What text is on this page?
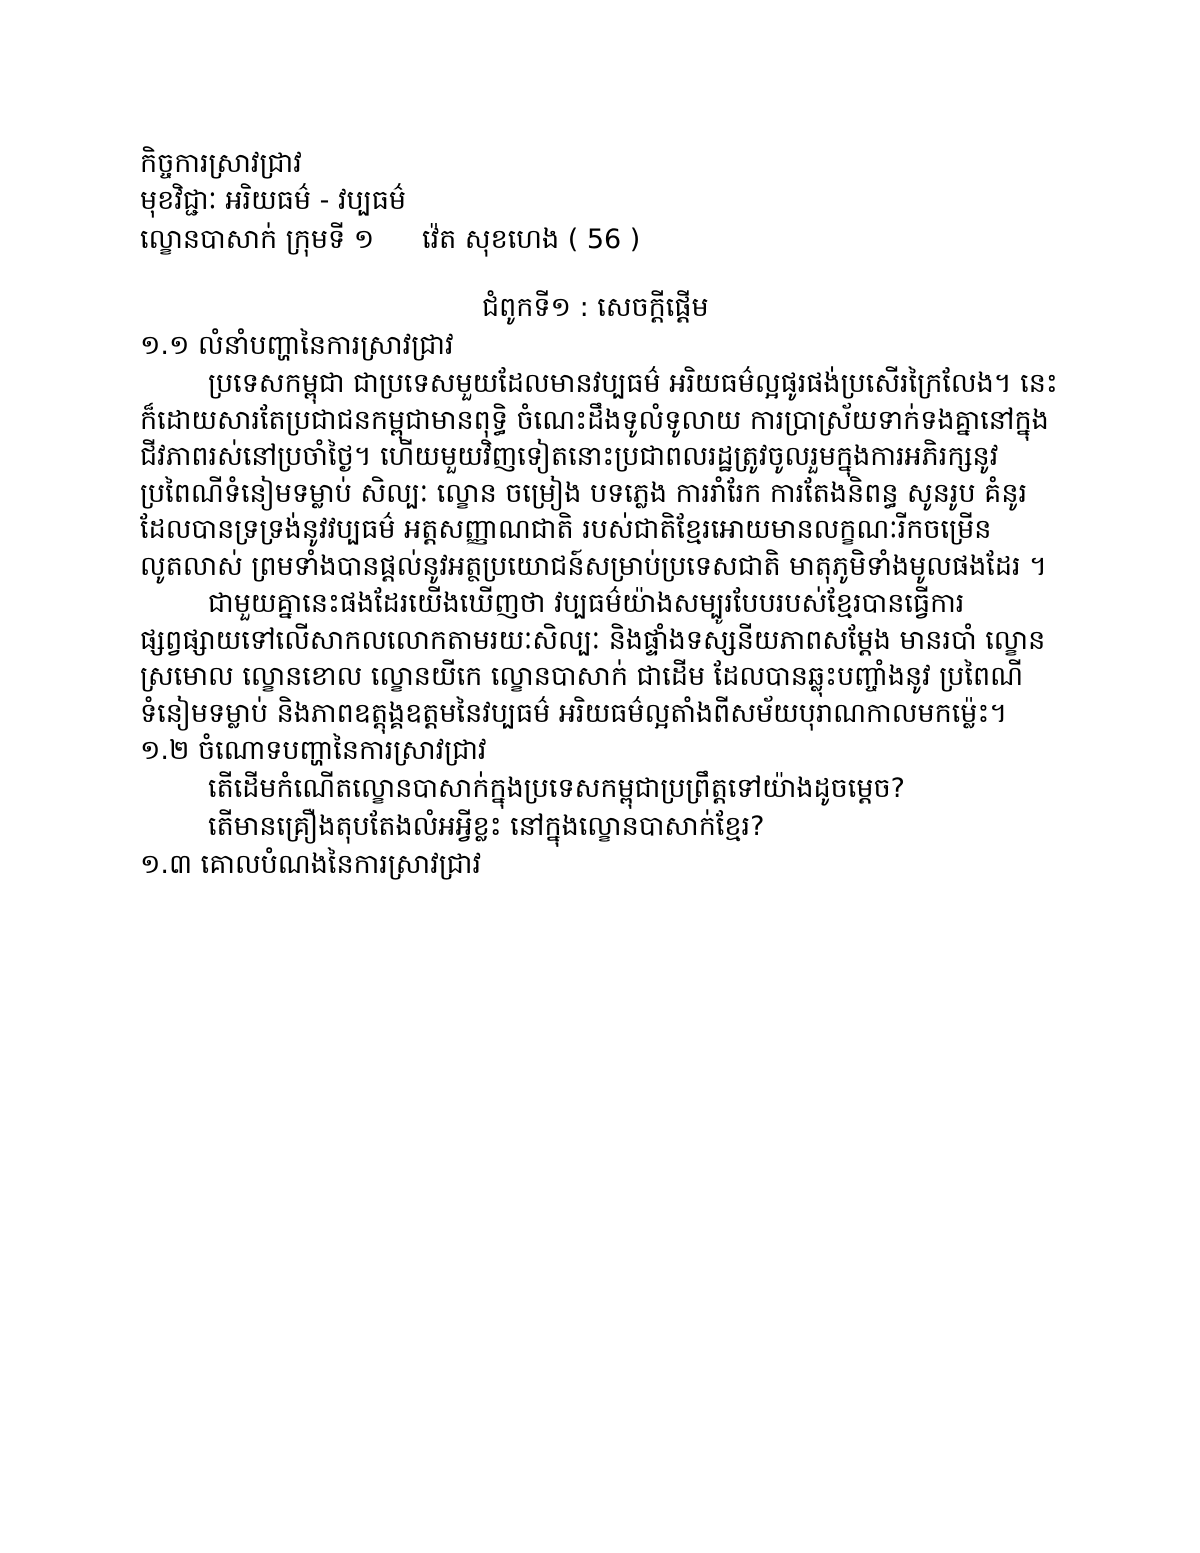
កិច្ចការស្រាវជ្រាវ
មុខវិជ្ជាៈ អរិយធម៌ - វប្បធម៌
ល្ខោនបាសាក់ ក្រុមទី ១ វ៉េត សុខហេង ( 56 )
ជំពូកទី១ : សេចក្ដីផ្ដើម
១.១ លំនាំបញ្ហានៃការស្រាវជ្រាវ
ប្រទេសកម្ពុជា ជាប្រទេសមួយដែលមានវប្បធម៌ អរិយធម៌ល្អផូរផង់ប្រសើរក្រៃលែង។ នេះ
ក៏ដោយសារតែប្រជាជនកម្ពុជាមានពុទ្ធិ ចំណេះដឹងទូលំទូលាយ ការប្រាស្រ័យទាក់ទងគ្នានៅក្នុង
ជីវភាពរស់នៅប្រចាំថ្ងៃ។ ហើយមួយវិញទៀតនោះប្រជាពលរដ្ឋត្រូវចូលរួមក្នុងការអភិរក្សនូវ
ប្រពៃណីទំនៀមទម្លាប់ សិល្បៈ ល្ខោន ចម្រៀង បទភ្លេង ការរាំរែក ការតែងនិពន្ធ សូនរូប គំនូរ
ដែលបានទ្រទ្រង់នូវវប្បធម៌ អត្តសញ្ញាណជាតិ របស់ជាតិខ្មែរអោយមានលក្ខណៈរីកចម្រើន
លូតលាស់ ព្រមទាំងបានផ្ដល់នូវអត្ថប្រយោជន៍សម្រាប់ប្រទេសជាតិ មាតុភូមិទាំងមូលផងដែរ ។
ជាមួយគ្នានេះផងដែរយើងឃើញថា វប្បធម៌យ៉ាងសម្បូរបែបរបស់ខ្មែរបានធ្វើការ
ផ្សព្វផ្សាយទៅលើសាកលលោកតាមរយៈសិល្បៈ និងផ្ទាំងទស្សនីយភាពសម្ដែង មានរបាំ ល្ខោន
ស្រមោល ល្ខោនខោល ល្ខោនយីកេ ល្ខោនបាសាក់ ជាដើម ដែលបានឆ្លុះបញ្ចាំងនូវ ប្រពៃណី
ទំនៀមទម្លាប់ និងភាពឧត្តុង្គឧត្ដមនៃវប្បធម៌ អរិយធម៌ល្អតាំងពីសម័យបុរាណកាលមកម្ល៉េះ។
១.២ ចំណោទបញ្ហានៃការស្រាវជ្រាវ
តើដើមកំណើតល្ខោនបាសាក់ក្នុងប្រទេសកម្ពុជាប្រព្រឹត្តទៅយ៉ាងដូចម្ដេច?
តើមានគ្រឿងតុបតែងលំអអ្វីខ្លះ នៅក្នុងល្ខោនបាសាក់ខ្មែរ?
១.៣ គោលបំណងនៃការស្រាវជ្រាវ
